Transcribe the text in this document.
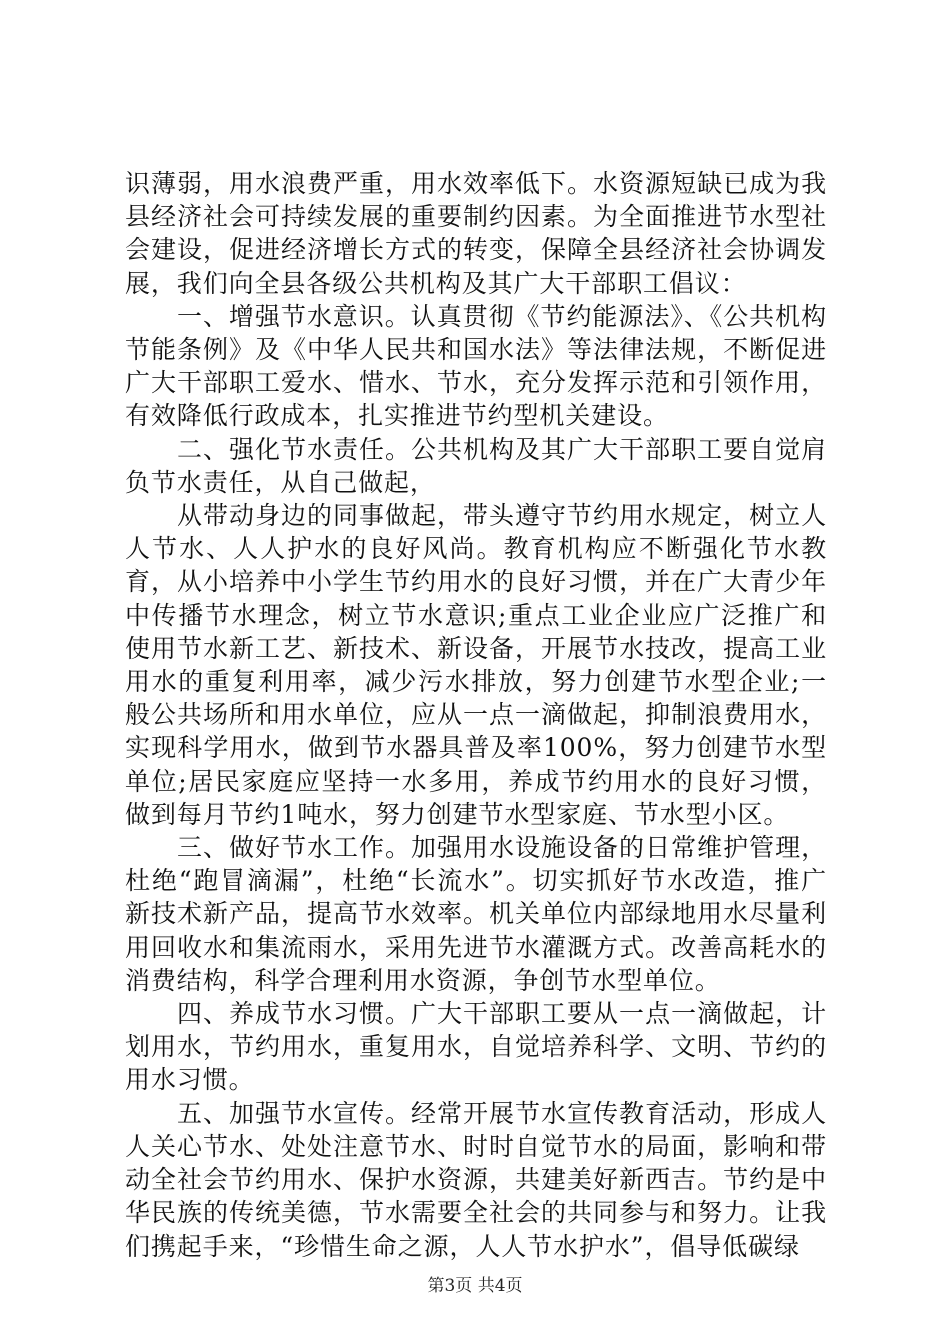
识薄弱，用水浪费严重，用水效率低下。水资源短缺已成为我县经济社会可持续发展的重要制约因素。为全面推进节水型社会建设，促进经济增长方式的转变，保障全县经济社会协调发展，我们向全县各级公共机构及其广大干部职工倡议：

一、增强节水意识。认真贯彻《节约能源法》、《公共机构节能条例》及《中华人民共和国水法》等法律法规，不断促进广大干部职工爱水、惜水、节水，充分发挥示范和引领作用，有效降低行政成本，扎实推进节约型机关建设。

二、强化节水责任。公共机构及其广大干部职工要自觉肩负节水责任，从自己做起，

从带动身边的同事做起，带头遵守节约用水规定，树立人人节水、人人护水的良好风尚。教育机构应不断强化节水教育，从小培养中小学生节约用水的良好习惯，并在广大青少年中传播节水理念，树立节水意识;重点工业企业应广泛推广和使用节水新工艺、新技术、新设备，开展节水技改，提高工业用水的重复利用率，减少污水排放，努力创建节水型企业;一般公共场所和用水单位，应从一点一滴做起，抑制浪费用水，实现科学用水，做到节水器具普及率100%，努力创建节水型单位;居民家庭应坚持一水多用，养成节约用水的良好习惯，做到每月节约1吨水，努力创建节水型家庭、节水型小区。

三、做好节水工作。加强用水设施设备的日常维护管理，杜绝“跑冒滴漏”，杜绝“长流水”。切实抓好节水改造，推广新技术新产品，提高节水效率。机关单位内部绿地用水尽量利用回收水和集流雨水，采用先进节水灌溉方式。改善高耗水的消费结构，科学合理利用水资源，争创节水型单位。

四、养成节水习惯。广大干部职工要从一点一滴做起，计划用水，节约用水，重复用水，自觉培养科学、文明、节约的用水习惯。

五、加强节水宣传。经常开展节水宣传教育活动，形成人人关心节水、处处注意节水、时时自觉节水的局面，影响和带动全社会节约用水、保护水资源，共建美好新西吉。节约是中华民族的传统美德，节水需要全社会的共同参与和努力。让我们携起手来，“珍惜生命之源，人人节水护水”，倡导低碳绿

第3页 共4页
